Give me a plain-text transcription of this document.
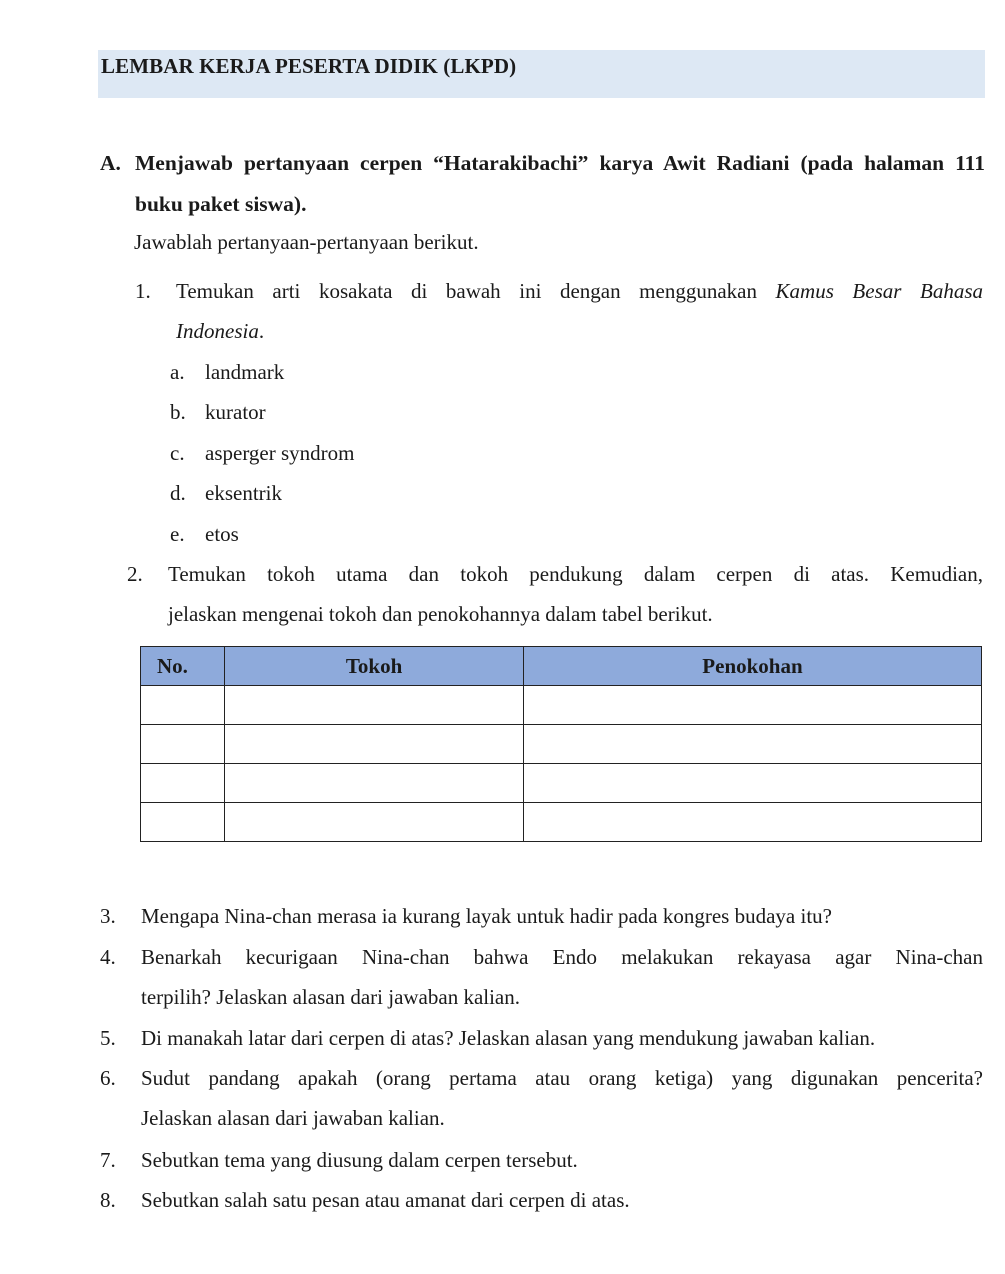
LEMBAR KERJA PESERTA DIDIK (LKPD)
A. Menjawab pertanyaan cerpen “Hatarakibachi” karya Awit Radiani (pada halaman 111 buku paket siswa).
Jawablah pertanyaan-pertanyaan berikut.
1. Temukan arti kosakata di bawah ini dengan menggunakan Kamus Besar Bahasa
Indonesia.
a. landmark
b. kurator
c. asperger syndrom
d. eksentrik
e. etos
2. Temukan tokoh utama dan tokoh pendukung dalam cerpen di atas. Kemudian,
jelaskan mengenai tokoh dan penokohannya dalam tabel berikut.
No.	Tokoh	Penokohan

3. Mengapa Nina-chan merasa ia kurang layak untuk hadir pada kongres budaya itu?
4. Benarkah kecurigaan Nina-chan bahwa Endo melakukan rekayasa agar Nina-chan
terpilih? Jelaskan alasan dari jawaban kalian.
5. Di manakah latar dari cerpen di atas? Jelaskan alasan yang mendukung jawaban kalian.
6. Sudut pandang apakah (orang pertama atau orang ketiga) yang digunakan pencerita?
Jelaskan alasan dari jawaban kalian.
7. Sebutkan tema yang diusung dalam cerpen tersebut.
8. Sebutkan salah satu pesan atau amanat dari cerpen di atas.
